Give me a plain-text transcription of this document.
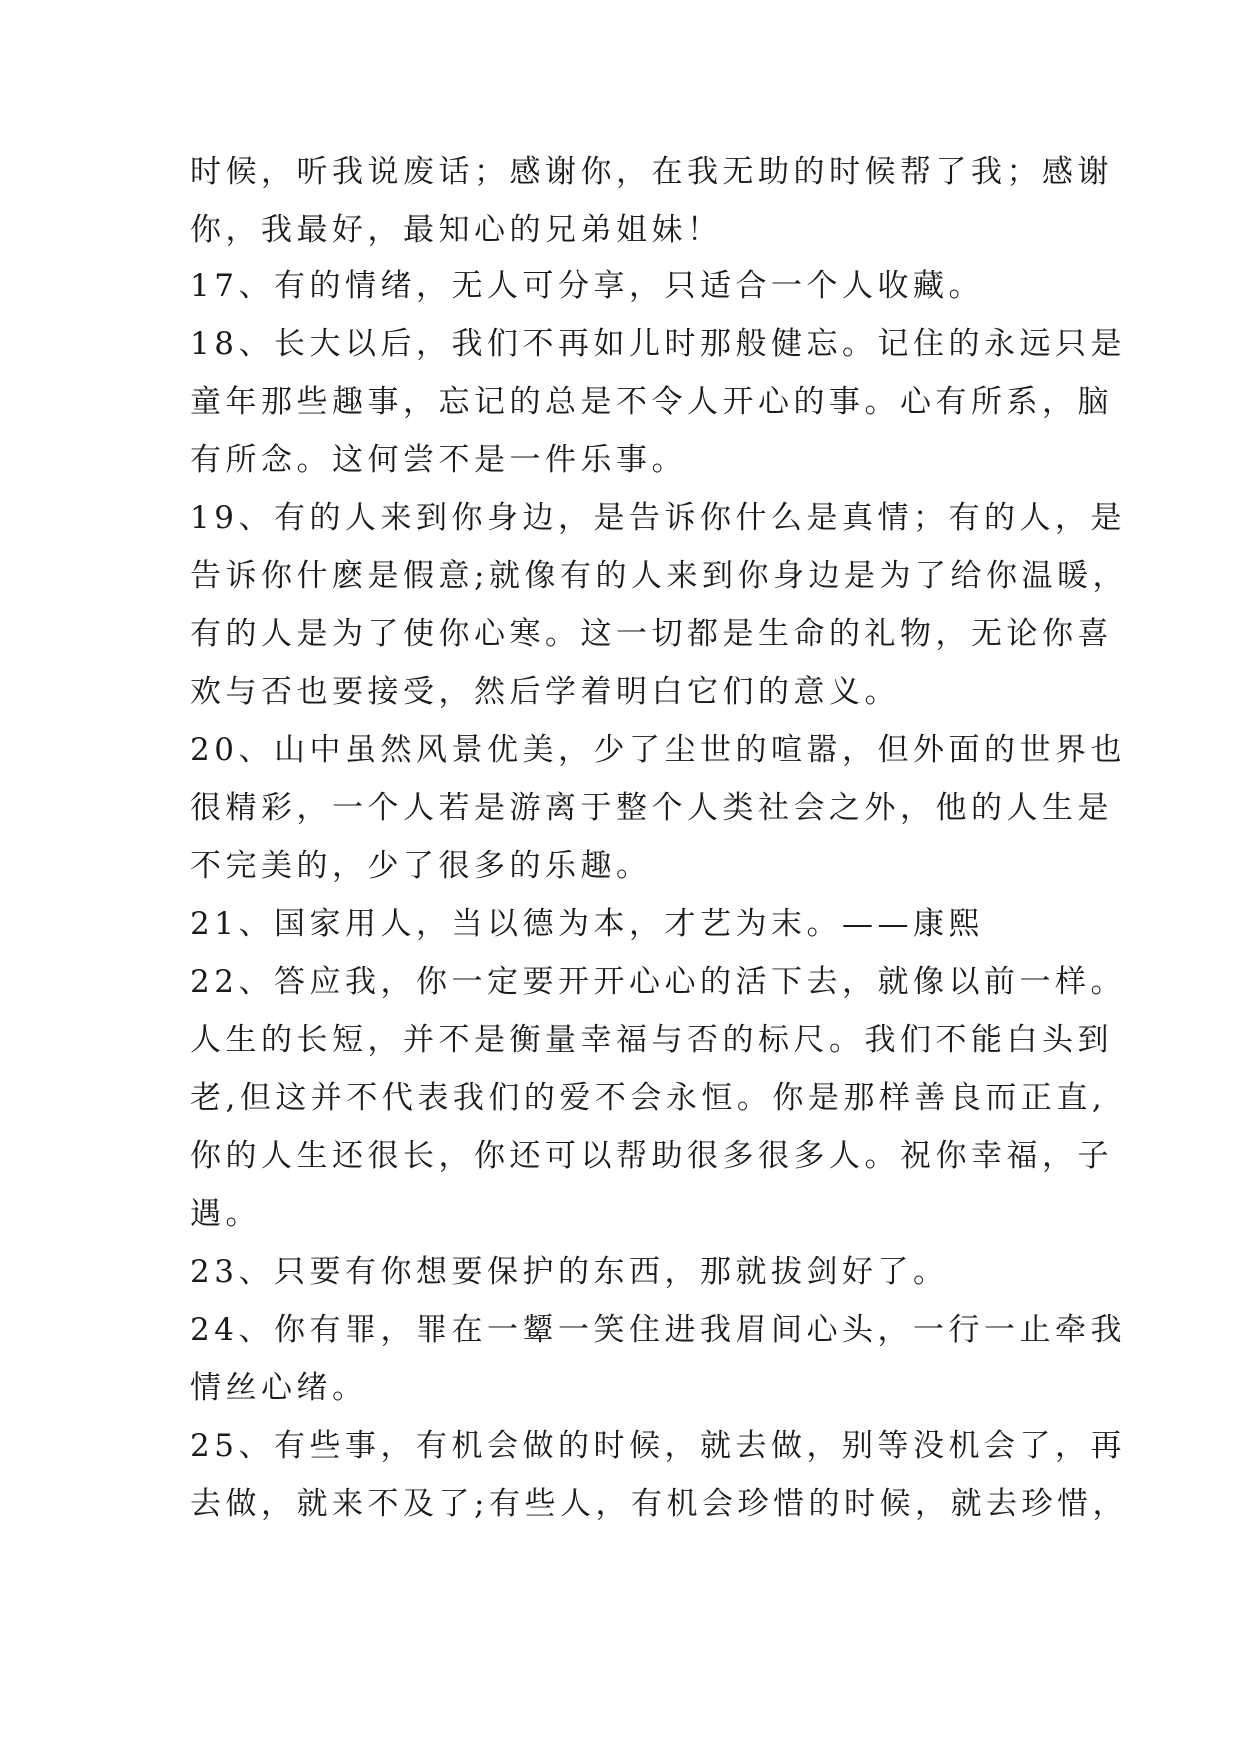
时候，听我说废话；感谢你，在我无助的时候帮了我；感谢

你，我最好，最知心的兄弟姐妹！

17、有的情绪，无人可分享，只适合一个人收藏。

18、长大以后，我们不再如儿时那般健忘。记住的永远只是

童年那些趣事，忘记的总是不令人开心的事。心有所系，脑

有所念。这何尝不是一件乐事。

19、有的人来到你身边，是告诉你什么是真情；有的人，是

告诉你什麽是假意;就像有的人来到你身边是为了给你温暖，

有的人是为了使你心寒。这一切都是生命的礼物，无论你喜

欢与否也要接受，然后学着明白它们的意义。

20、山中虽然风景优美，少了尘世的喧嚣，但外面的世界也

很精彩，一个人若是游离于整个人类社会之外，他的人生是

不完美的，少了很多的乐趣。

21、国家用人，当以德为本，才艺为末。——康熙

22、答应我，你一定要开开心心的活下去，就像以前一样。

人生的长短，并不是衡量幸福与否的标尺。我们不能白头到

老,但这并不代表我们的爱不会永恒。你是那样善良而正直,

你的人生还很长，你还可以帮助很多很多人。祝你幸福，子

遇。

23、只要有你想要保护的东西，那就拔剑好了。

24、你有罪，罪在一颦一笑住进我眉间心头，一行一止牵我

情丝心绪。

25、有些事，有机会做的时候，就去做，别等没机会了，再

去做，就来不及了;有些人，有机会珍惜的时候，就去珍惜，
